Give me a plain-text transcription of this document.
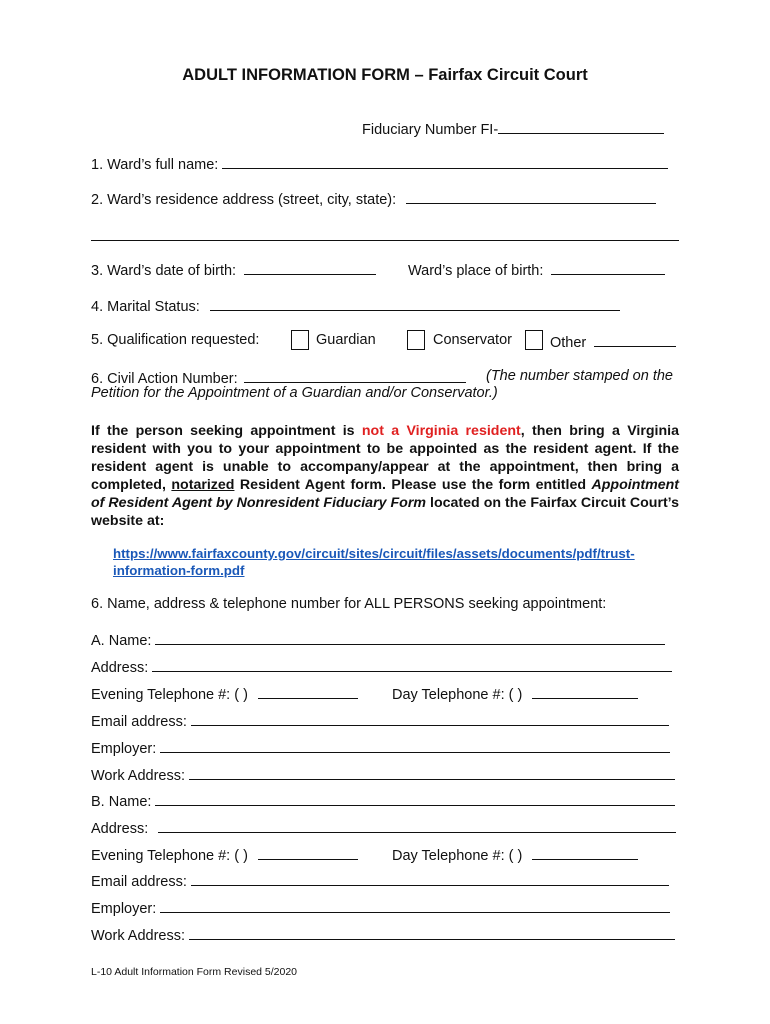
ADULT INFORMATION FORM – Fairfax Circuit Court
Fiduciary Number FI-
1. Ward’s full name:
2. Ward’s residence address (street, city, state):
3. Ward’s date of birth:	Ward’s place of birth:
4. Marital Status:
5. Qualification requested:	Guardian	Conservator	Other
6. Civil Action Number:	(The number stamped on the
Petition for the Appointment of a Guardian and/or Conservator.)
If the person seeking appointment is not a Virginia resident, then bring a Virginia resident with you to your appointment to be appointed as the resident agent. If the resident agent is unable to accompany/appear at the appointment, then bring a completed, notarized Resident Agent form. Please use the form entitled Appointment of Resident Agent by Nonresident Fiduciary Form located on the Fairfax Circuit Court’s website at:
https://www.fairfaxcounty.gov/circuit/sites/circuit/files/assets/documents/pdf/trust-
information-form.pdf
6. Name, address & telephone number for ALL PERSONS seeking appointment:
A. Name:
Address:
Evening Telephone #: ( )	Day Telephone #: ( )
Email address:
Employer:
Work Address:
B. Name:
Address:
Evening Telephone #: ( )	Day Telephone #: ( )
Email address:
Employer:
Work Address:
L-10 Adult Information Form Revised 5/2020
